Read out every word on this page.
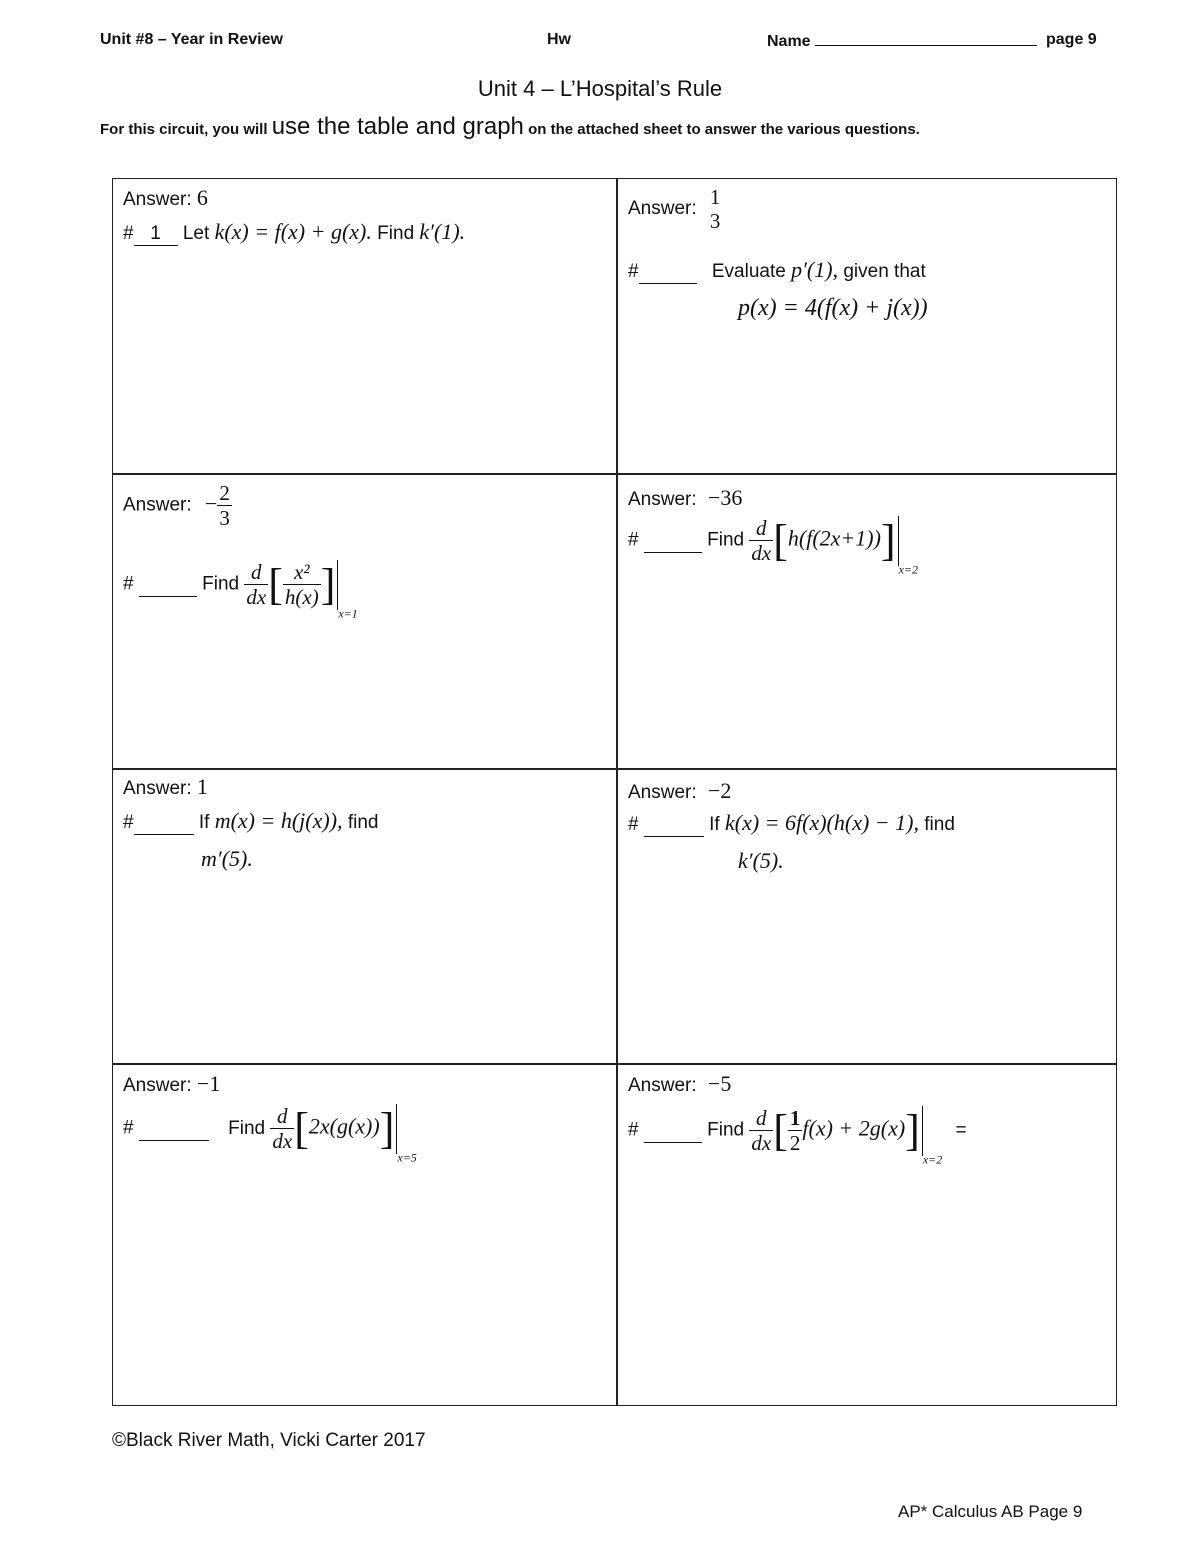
Unit #8 – Year in Review	Hw	Name	page 9
Unit 4 – L’Hospital’s Rule
For this circuit, you will use the table and graph on the attached sheet to answer the various questions.
Answer: 6
# 1 Let k(x) = f(x) + g(x). Find k′(1).
Answer: 1
3
#	Evaluate p′(1), given that
p(x) = 4(f(x) + j(x))
Answer: − $\frac{2}{3}$
#	Find $\frac{d}{dx}$ [ $\frac{\text{x²}}{h(x)} ]_{x=1}$
Answer: −36
#	Find $\frac{d}{dx} [h(f(2x+1))]_{x=2}$
Answer: 1
#	If m(x) = h(j(x)), find
m′(5).
Answer: −2
#	If k(x) = 6f(x)(h(x) − 1), find
k′(5).
Answer: −1
#	Find $\frac{d}{dx} [2x(g(x))]_{x=5}$
Answer: −5
#	Find $\frac{d}{dx}$ [ $\frac{1}{2} f(x) + 2g(x)]_{x=2}$ =
©Black River Math, Vicki Carter 2017
AP* Calculus AB Page 9
